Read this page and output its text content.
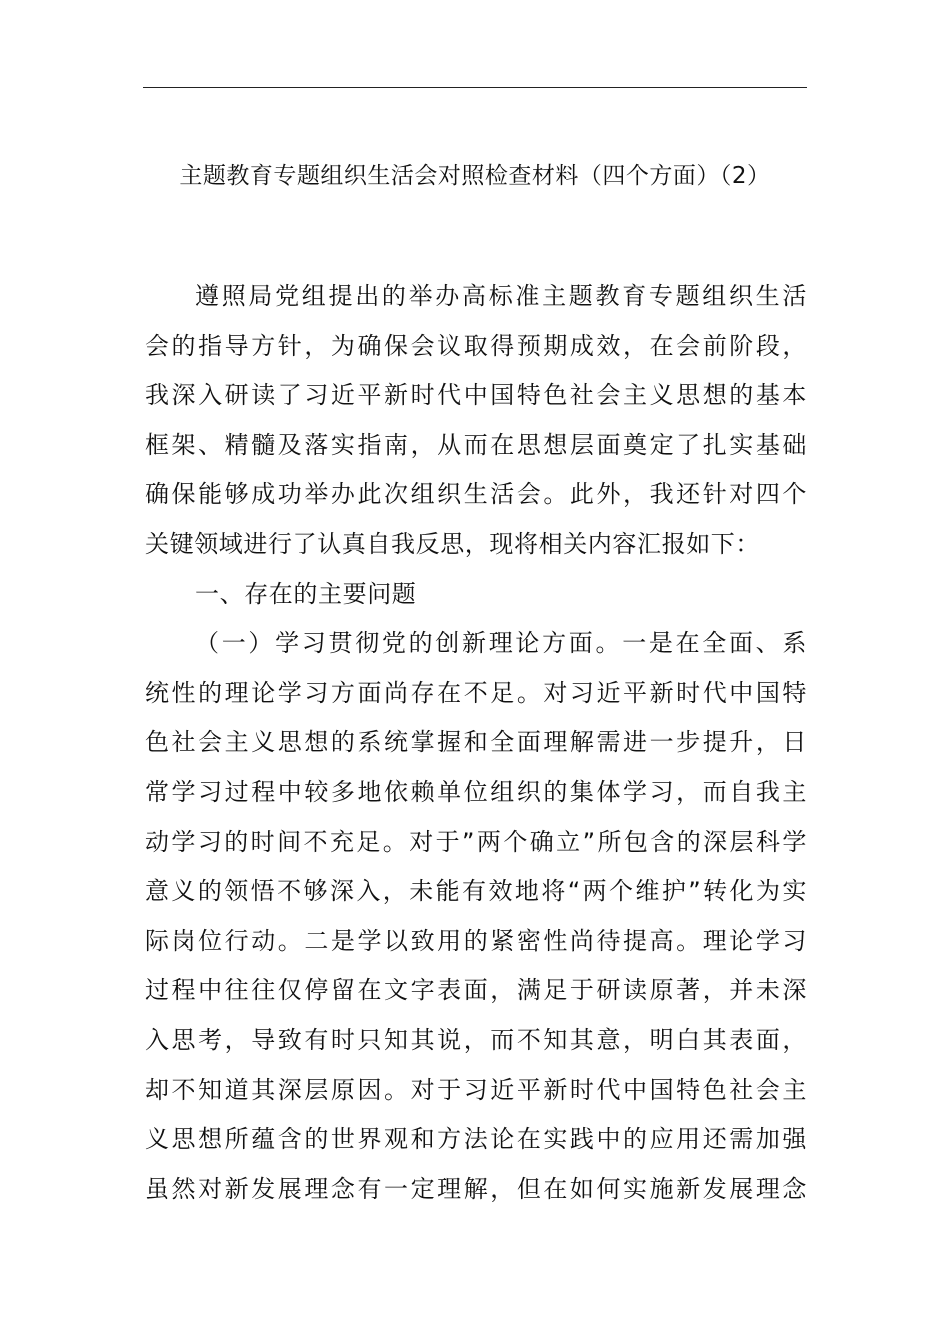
主题教育专题组织生活会对照检查材料（四个方面）（2）
遵照局党组提出的举办高标准主题教育专题组织生活
会的指导方针，为确保会议取得预期成效，在会前阶段，
我深入研读了习近平新时代中国特色社会主义思想的基本
框架、精髓及落实指南，从而在思想层面奠定了扎实基础
确保能够成功举办此次组织生活会。此外，我还针对四个
关键领域进行了认真自我反思，现将相关内容汇报如下：
一、存在的主要问题
（一）学习贯彻党的创新理论方面。一是在全面、系
统性的理论学习方面尚存在不足。对习近平新时代中国特
色社会主义思想的系统掌握和全面理解需进一步提升，日
常学习过程中较多地依赖单位组织的集体学习，而自我主
动学习的时间不充足。对于”两个确立”所包含的深层科学
意义的领悟不够深入，未能有效地将“两个维护”转化为实
际岗位行动。二是学以致用的紧密性尚待提高。理论学习
过程中往往仅停留在文字表面，满足于研读原著，并未深
入思考，导致有时只知其说，而不知其意，明白其表面，
却不知道其深层原因。对于习近平新时代中国特色社会主
义思想所蕴含的世界观和方法论在实践中的应用还需加强
虽然对新发展理念有一定理解，但在如何实施新发展理念
